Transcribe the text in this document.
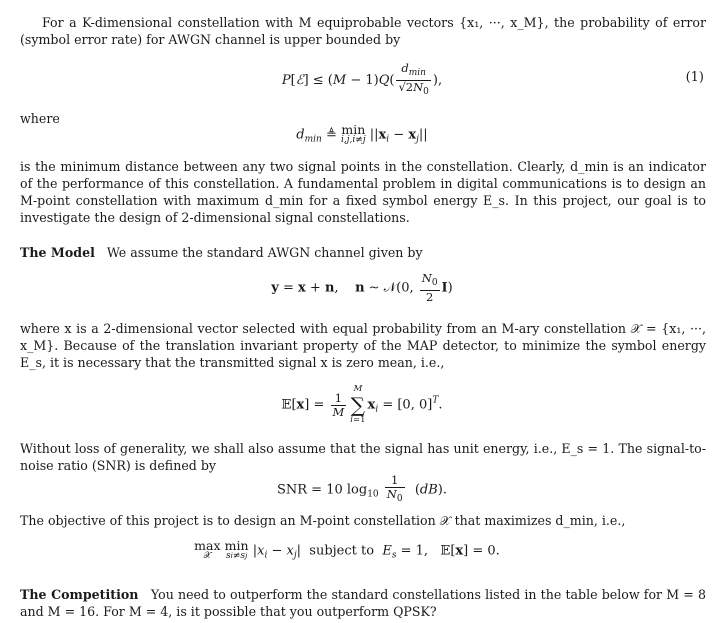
For a K-dimensional constellation with M equiprobable vectors {x₁, ···, x_M}, the probability of error (symbol error rate) for AWGN channel is upper bounded by
P[ℰ] ≤ $(M - 1)Q( \frac{d_{min}}{√2N_0}$ ),	(1)
where
$d_{min}$ ≜ min
i,j,i≠j $||x_i - x_j||$
is the minimum distance between any two signal points in the constellation. Clearly, d_min is an indicator of the performance of this constellation. A fundamental problem in digital communications is to design an M-point constellation with maximum d_min for a fixed symbol energy E_s. In this project, our goal is to investigate the design of 2-dimensional signal constellations.
The Model We assume the standard AWGN channel given by
y = x + n,    n ∼ 𝒩(0, $\frac{N_0}{2} I$)
where x is a 2-dimensional vector selected with equal probability from an M-ary constellation 𝒳 = {x₁, ···, x_M}. Because of the translation invariant property of the MAP detector, to minimize the symbol energy E_s, it is necessary that the transmitted signal x is zero mean, i.e.,
𝔼[x] = $\frac{1}{M}$
M
∑
i=1
$x_i = [0$, 0]$^T$.
Without loss of generality, we shall also assume that the signal has unit energy, i.e., E_s = 1. The signal-to-noise ratio (SNR) is defined by
SNR = 10 $\log_{10} \frac{1}{N_0} (dB)$.
The objective of this project is to design an M-point constellation 𝒳 that maximizes d_min, i.e.,
max
𝒳

min
si≠sj $|x_i - x_j|$  subject to  $E_s = 1$,   𝔼[x] = 0.
The Competition You need to outperform the standard constellations listed in the table below for M = 8 and M = 16. For M = 4, is it possible that you outperform QPSK?
